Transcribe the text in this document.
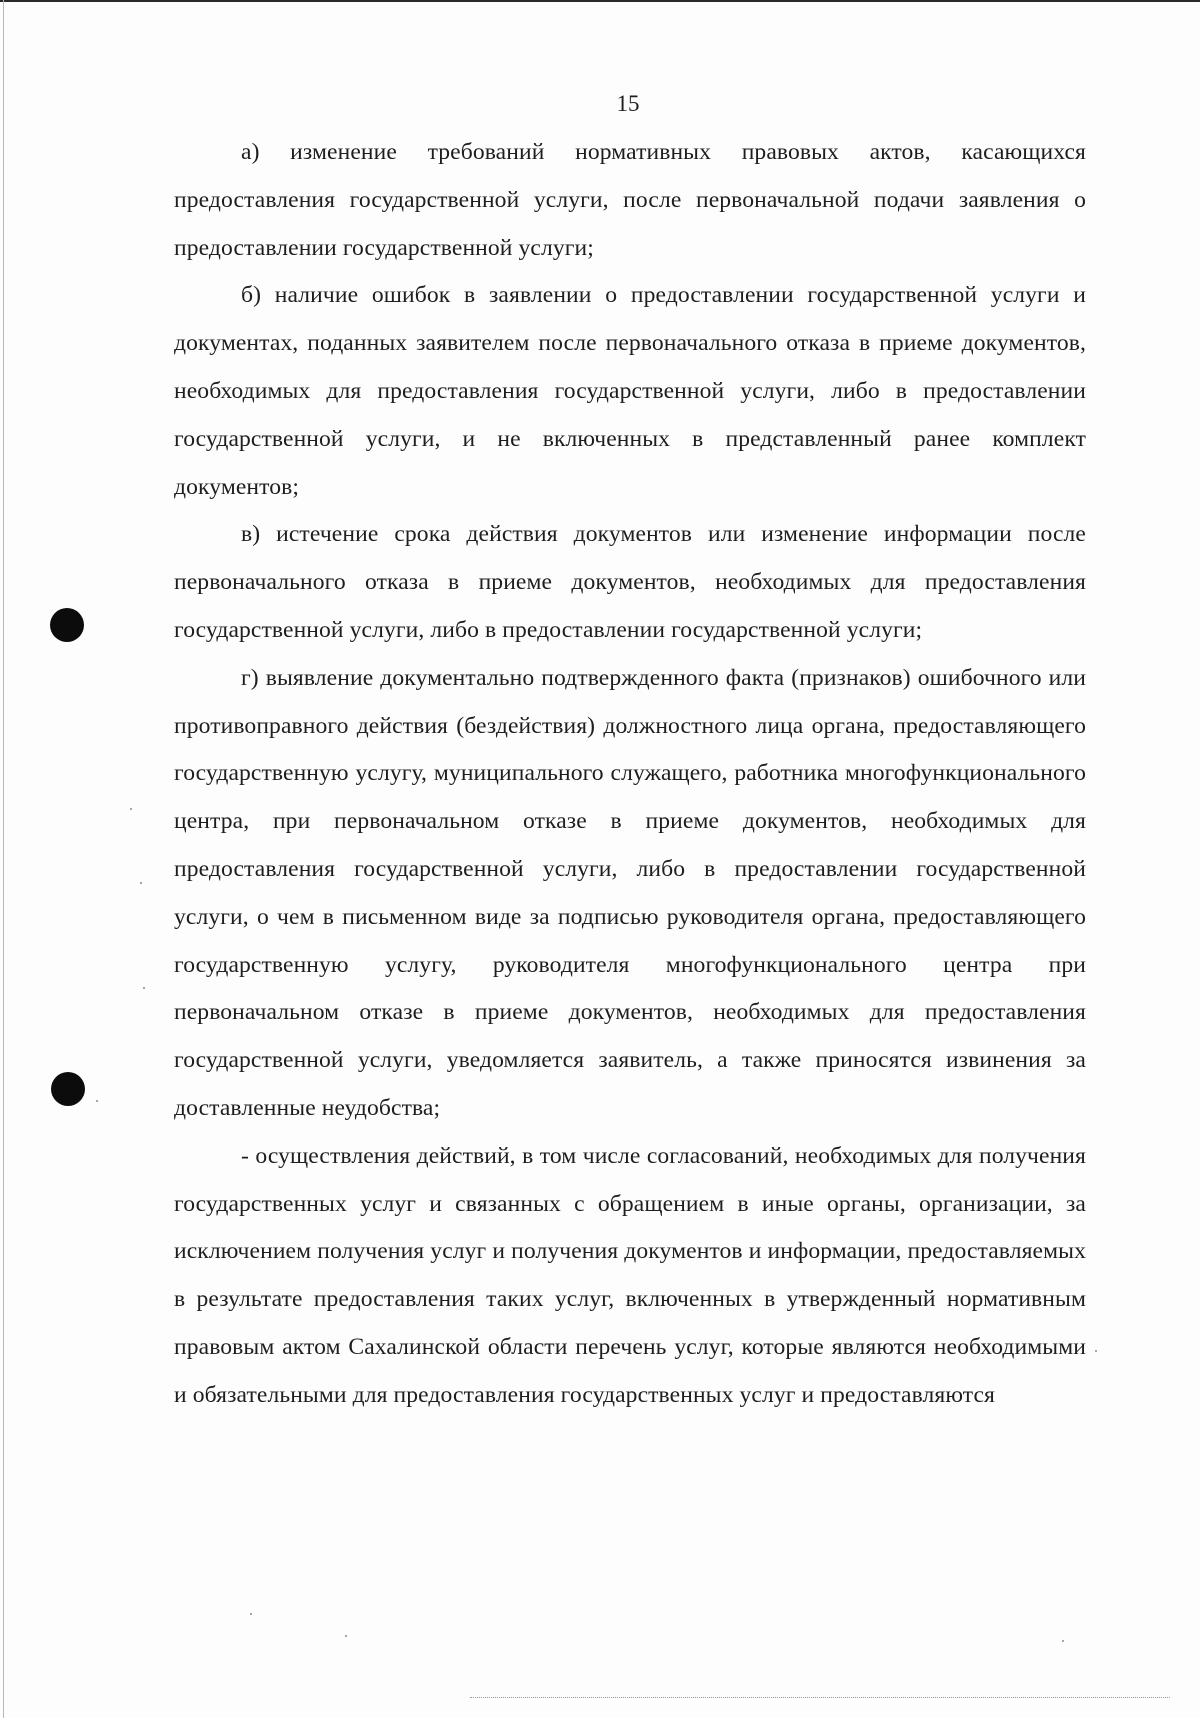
15

а) изменение требований нормативных правовых актов, касающихся предоставления государственной услуги, после первоначальной подачи заявления о предоставлении государственной услуги;

б) наличие ошибок в заявлении о предоставлении государственной услуги и документах, поданных заявителем после первоначального отказа в приеме документов, необходимых для предоставления государственной услуги, либо в предоставлении государственной услуги, и не включенных в представленный ранее комплект документов;

в) истечение срока действия документов или изменение информации после первоначального отказа в приеме документов, необходимых для предоставления государственной услуги, либо в предоставлении государственной услуги;

г) выявление документально подтвержденного факта (признаков) ошибочного или противоправного действия (бездействия) должностного лица органа, предоставляющего государственную услугу, муниципального служащего, работника многофункционального центра, при первоначальном отказе в приеме документов, необходимых для предоставления государственной услуги, либо в предоставлении государственной услуги, о чем в письменном виде за подписью руководителя органа, предоставляющего государственную услугу, руководителя многофункционального центра при первоначальном отказе в приеме документов, необходимых для предоставления государственной услуги, уведомляется заявитель, а также приносятся извинения за доставленные неудобства;

- осуществления действий, в том числе согласований, необходимых для получения государственных услуг и связанных с обращением в иные органы, организации, за исключением получения услуг и получения документов и информации, предоставляемых в результате предоставления таких услуг, включенных в утвержденный нормативным правовым актом Сахалинской области перечень услуг, которые являются необходимыми и обязательными для предоставления государственных услуг и предоставляются
